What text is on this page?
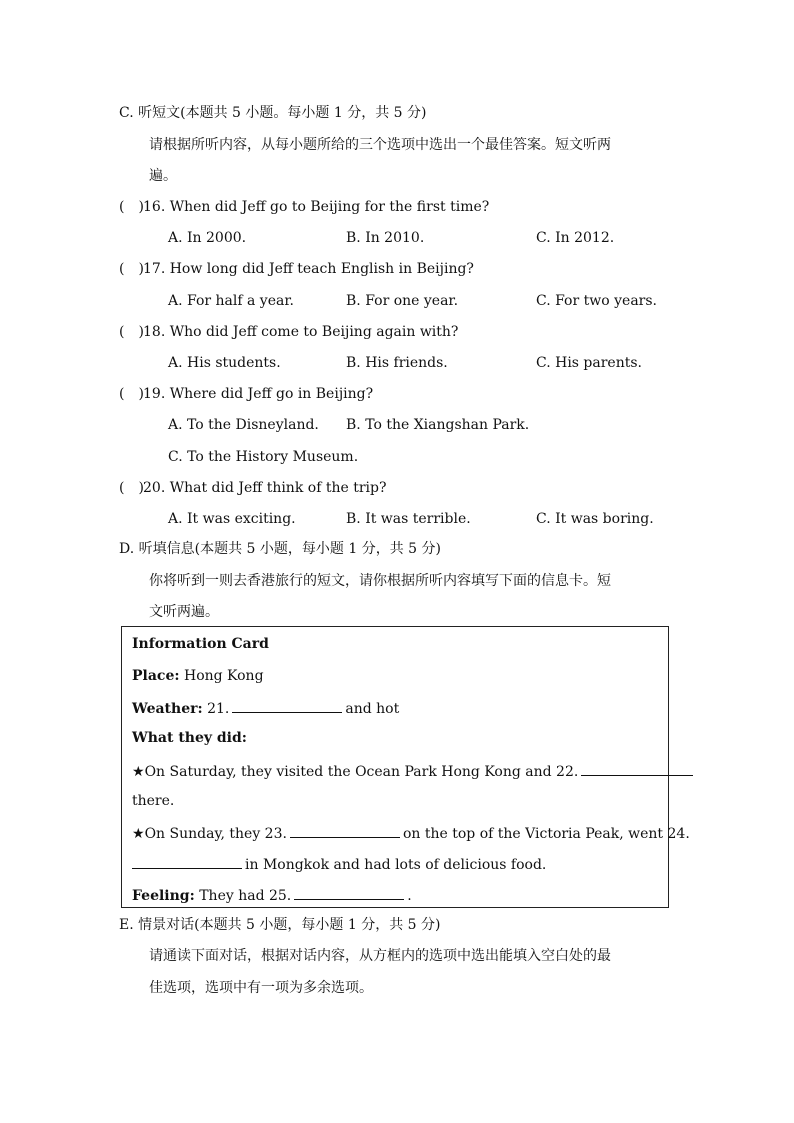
C. 听短文(本题共 5 小题。每小题 1 分，共 5 分)
请根据所听内容，从每小题所给的三个选项中选出一个最佳答案。短文听两
遍。
(　)16. When did Jeff go to Beijing for the first time?
A. In 2000.	B. In 2010.	C. In 2012.
(　)17. How long did Jeff teach English in Beijing?
A. For half a year.	B. For one year.	C. For two years.
(　)18. Who did Jeff come to Beijing again with?
A. His students.	B. His friends.	C. His parents.
(　)19. Where did Jeff go in Beijing?
A. To the Disneyland. B. To the Xiangshan Park.
C. To the History Museum.
(　)20. What did Jeff think of the trip?
A. It was exciting.	B. It was terrible.	C. It was boring.
D. 听填信息(本题共 5 小题，每小题 1 分，共 5 分)
你将听到一则去香港旅行的短文，请你根据所听内容填写下面的信息卡。短
文听两遍。
Information Card
Place: Hong Kong
Weather: 21.	and hot
What they did:
★On Saturday, they visited the Ocean Park Hong Kong and 22.
there.
★On Sunday, they 23.	on the top of the Victoria Peak, went 24.
in Mongkok and had lots of delicious food.
Feeling: They had 25.	.
E. 情景对话(本题共 5 小题，每小题 1 分，共 5 分)
请通读下面对话，根据对话内容，从方框内的选项中选出能填入空白处的最
佳选项，选项中有一项为多余选项。
